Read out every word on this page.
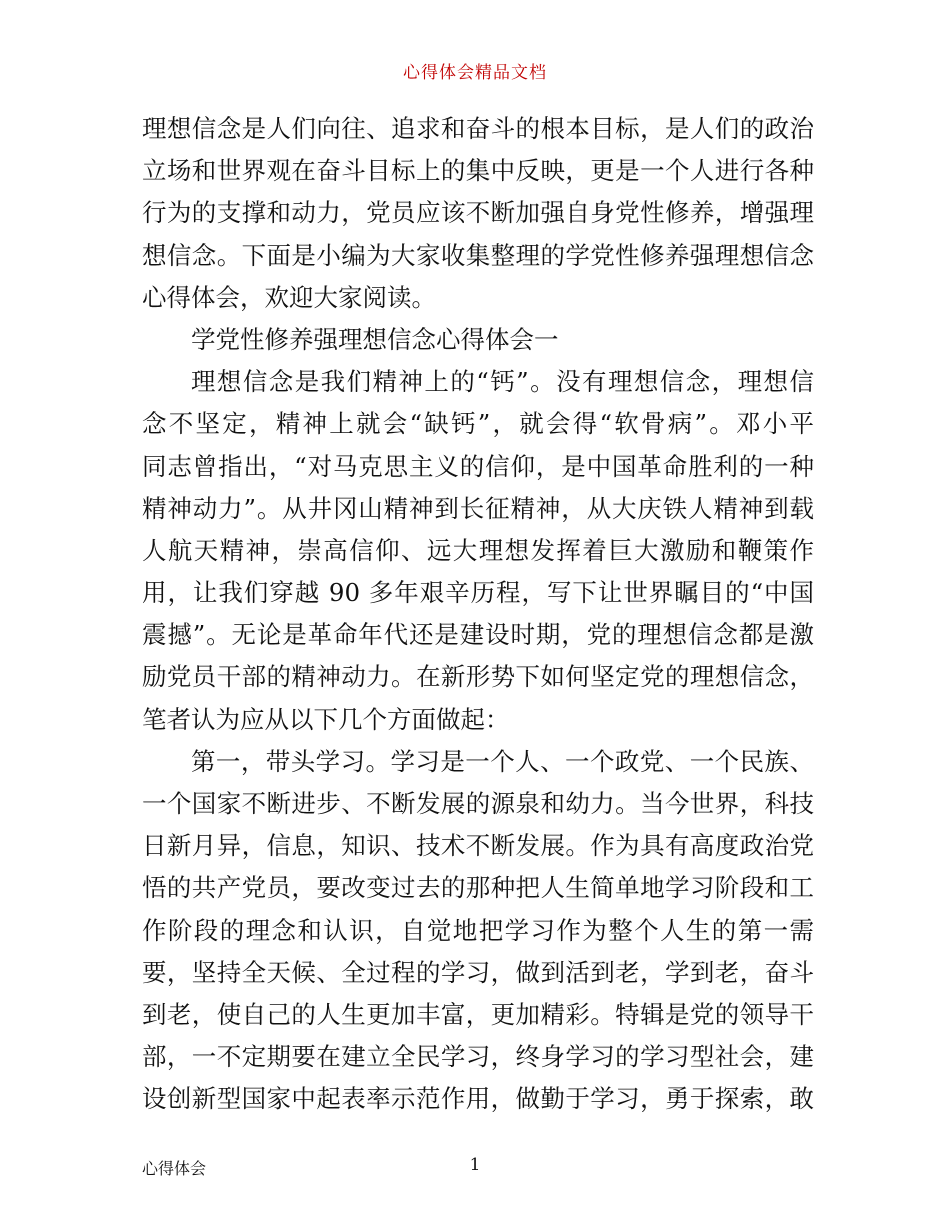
心得体会精品文档
理想信念是人们向往、追求和奋斗的根本目标，是人们的政治
立场和世界观在奋斗目标上的集中反映，更是一个人进行各种
行为的支撑和动力，党员应该不断加强自身党性修养，增强理
想信念。下面是小编为大家收集整理的学党性修养强理想信念
心得体会，欢迎大家阅读。
学党性修养强理想信念心得体会一
理想信念是我们精神上的“钙”。没有理想信念，理想信
念不坚定，精神上就会“缺钙”，就会得“软骨病”。邓小平
同志曾指出，“对马克思主义的信仰，是中国革命胜利的一种
精神动力”。从井冈山精神到长征精神，从大庆铁人精神到载
人航天精神，崇高信仰、远大理想发挥着巨大激励和鞭策作
用，让我们穿越 90 多年艰辛历程，写下让世界瞩目的“中国
震撼”。无论是革命年代还是建设时期，党的理想信念都是激
励党员干部的精神动力。在新形势下如何坚定党的理想信念，
笔者认为应从以下几个方面做起：
第一，带头学习。学习是一个人、一个政党、一个民族、
一个国家不断进步、不断发展的源泉和幼力。当今世界，科技
日新月异，信息，知识、技术不断发展。作为具有高度政治党
悟的共产党员，要改变过去的那种把人生简单地学习阶段和工
作阶段的理念和认识，自觉地把学习作为整个人生的第一需
要，坚持全天候、全过程的学习，做到活到老，学到老，奋斗
到老，使自己的人生更加丰富，更加精彩。特辑是党的领导干
部，一不定期要在建立全民学习，终身学习的学习型社会，建
设创新型国家中起表率示范作用，做勤于学习，勇于探索，敢
心得体会	1
